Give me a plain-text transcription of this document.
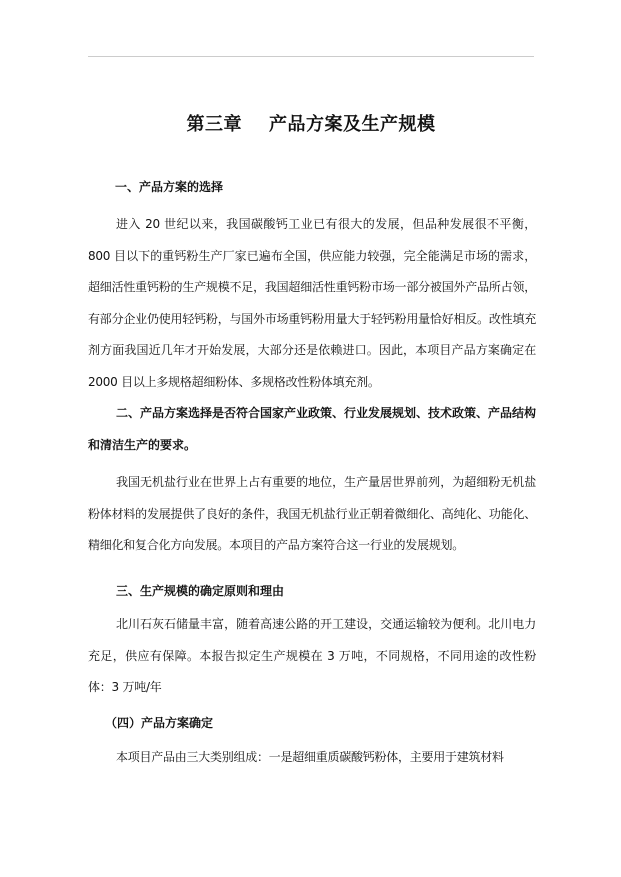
第三章    产品方案及生产规模
一、产品方案的选择

进入 20 世纪以来，我国碳酸钙工业已有很大的发展，但品种发展很不平衡，800 目以下的重钙粉生产厂家已遍布全国，供应能力较强，完全能满足市场的需求，超细活性重钙粉的生产规模不足，我国超细活性重钙粉市场一部分被国外产品所占领，有部分企业仍使用轻钙粉，与国外市场重钙粉用量大于轻钙粉用量恰好相反。改性填充剂方面我国近几年才开始发展，大部分还是依赖进口。因此，本项目产品方案确定在 2000 目以上多规格超细粉体、多规格改性粉体填充剂。

二、产品方案选择是否符合国家产业政策、行业发展规划、技术政策、产品结构和清洁生产的要求。

我国无机盐行业在世界上占有重要的地位，生产量居世界前列，为超细粉无机盐粉体材料的发展提供了良好的条件，我国无机盐行业正朝着微细化、高纯化、功能化、精细化和复合化方向发展。本项目的产品方案符合这一行业的发展规划。

三、生产规模的确定原则和理由

北川石灰石储量丰富，随着高速公路的开工建设，交通运输较为便利。北川电力充足，供应有保障。本报告拟定生产规模在 3 万吨，不同规格，不同用途的改性粉体：3 万吨/年

（四）产品方案确定

本项目产品由三大类别组成：一是超细重质碳酸钙粉体，主要用于建筑材料
